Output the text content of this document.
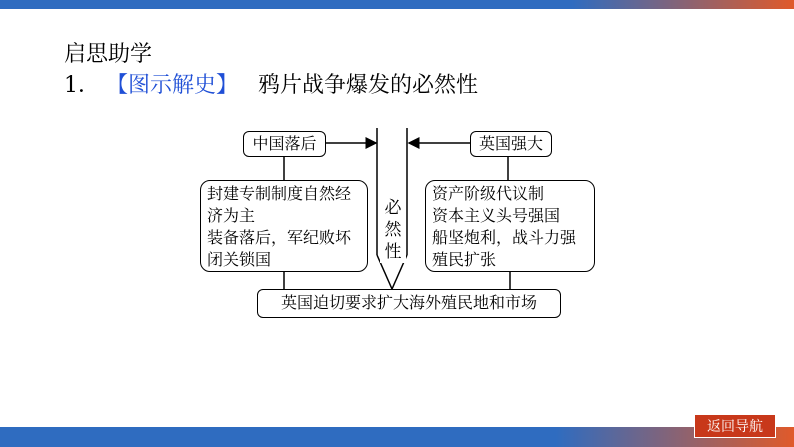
启思助学
1． 【图示解史】 鸦片战争爆发的必然性
中国落后	英国强大
封建专制制度自然经
济为主
装备落后，军纪败坏
闭关锁国
资产阶级代议制
资本主义头号强国
船坚炮利，战斗力强
殖民扩张
必
然
性
英国迫切要求扩大海外殖民地和市场
返回导航
